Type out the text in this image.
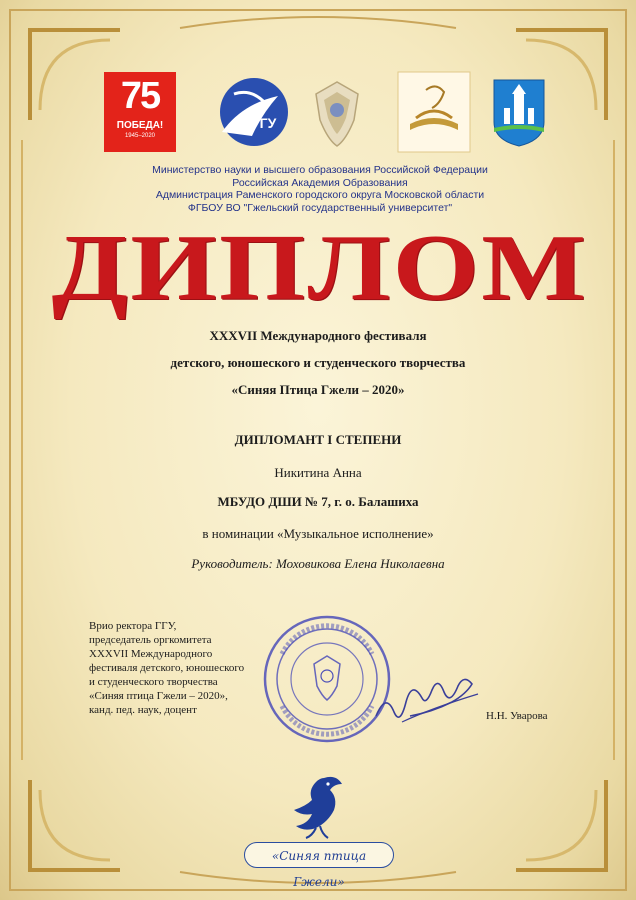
75
ПОБЕДА!
1945–2020
ГГУ
Министерство науки и высшего образования Российской Федерации
Российская Академия Образования
Администрация Раменского городского округа Московской области
ФГБОУ ВО "Гжельский государственный университет"
ДИПЛОМ
XXXVII Международного фестиваля
детского, юношеского и студенческого творчества
«Синяя Птица Гжели – 2020»
ДИПЛОМАНТ I СТЕПЕНИ
Никитина Анна
МБУДО ДШИ № 7, г. о. Балашиха
в номинации «Музыкальное исполнение»
Руководитель: Моховикова Елена Николаевна
Врио ректора ГГУ,
председатель оргкомитета
XXXVII Международного
фестиваля детского, юношеского
и студенческого творчества
«Синяя птица Гжели – 2020»,
канд. пед. наук, доцент	Н.Н. Уварова
«Синяя птица Гжели»
